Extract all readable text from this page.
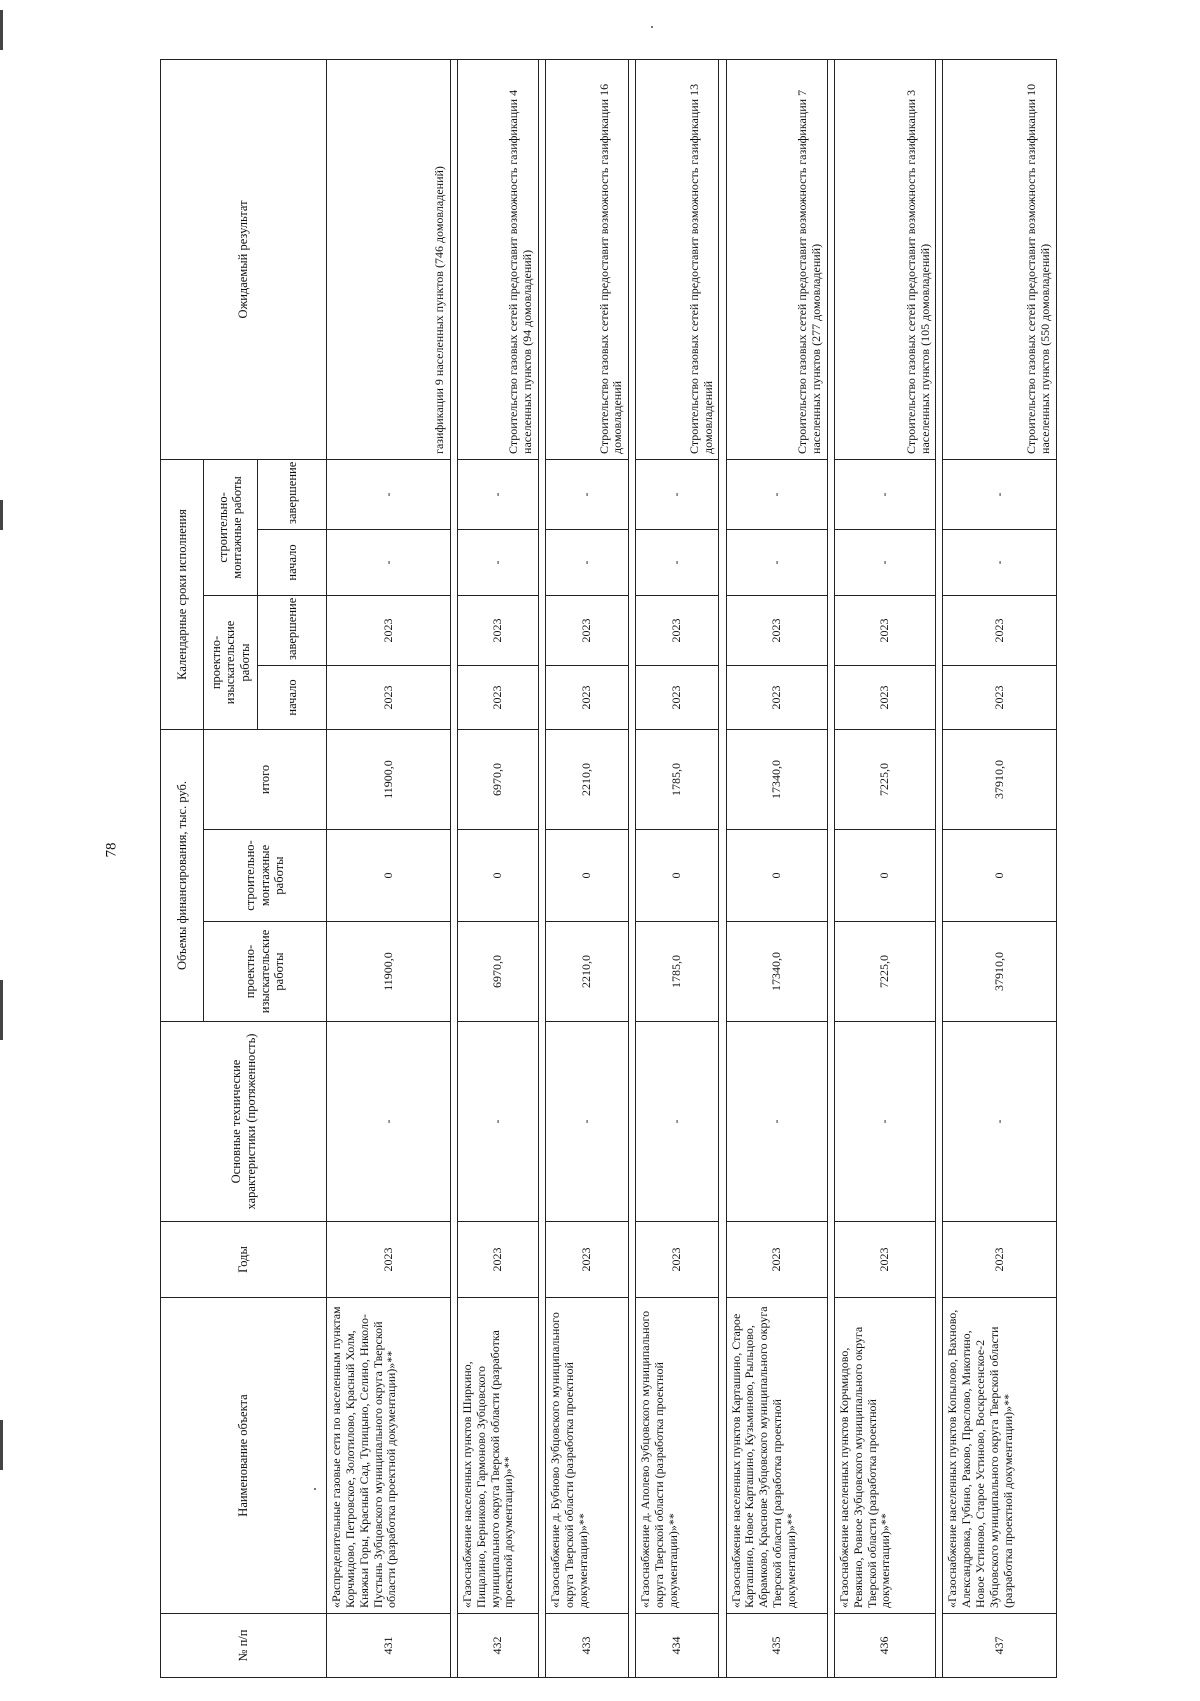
78
№ п/п	Наименование объекта	Годы	Основные технические характеристики (протяженность)	Объемы финансирования, тыс. руб.			Календарные сроки исполнения				Ожидаемый результат
				проектно-изыскательские работы	строительно-монтажные работы	итого	проектно-изыскательские работы		строительно-монтажные работы		
							начало	завершение	начало	завершение	
431	«Распределительные газовые сети по населенным пунктам Корчмидово, Петровское, Золотилово, Красный Холм, Княжьи Горы, Красный Сад, Тупицыно, Селино, Николо-Пустынь Зубцовского муниципального округа Тверской области (разработка проектной документации)»**	2023	-	11900,0	0	11900,0	2023	2023	-	-	газификации 9 населенных пунктов (746 домовладений)

432	«Газоснабжение населенных пунктов Ширкино, Пищалино, Берниково, Гармоново Зубцовского муниципального округа Тверской области (разработка проектной документации)»**	2023	-	6970,0	0	6970,0	2023	2023	-	-	Строительство газовых сетей предоставит возможность газификации 4 населенных пунктов (94 домовладений)

433	«Газоснабжение д. Бубново Зубцовского муниципального округа Тверской области (разработка проектной документации)»**	2023	-	2210,0	0	2210,0	2023	2023	-	-	Строительство газовых сетей предоставит возможность газификации 16 домовладений

434	«Газоснабжение д. Аполево Зубцовского муниципального округа Тверской области (разработка проектной документации)»**	2023	-	1785,0	0	1785,0	2023	2023	-	-	Строительство газовых сетей предоставит возможность газификации 13 домовладений

435	«Газоснабжение населенных пунктов Карташино, Старое Карташино, Новое Карташино, Кузьминово, Рыльцово, Абрамково, Краснове Зубцовского муниципального округа Тверской области (разработка проектной документации)»**	2023	-	17340,0	0	17340,0	2023	2023	-	-	Строительство газовых сетей предоставит возможность газификации 7 населенных пунктов (277 домовладений)

436	«Газоснабжение населенных пунктов Корчмидово, Ревякино, Ровное Зубцовского муниципального округа Тверской области (разработка проектной документации)»**	2023	-	7225,0	0	7225,0	2023	2023	-	-	Строительство газовых сетей предоставит возможность газификации 3 населенных пунктов (105 домовладений)

437	«Газоснабжение населенных пунктов Копылово, Вахново, Александровка, Губино, Раково, Праслово, Микотино, Новое Устиново, Старое Устиново, Воскресенское-2 Зубцовского муниципального округа Тверской области (разработка проектной документации)»**	2023	-	37910,0	0	37910,0	2023	2023	-	-	Строительство газовых сетей предоставит возможность газификации 10 населенных пунктов (550 домовладений)
